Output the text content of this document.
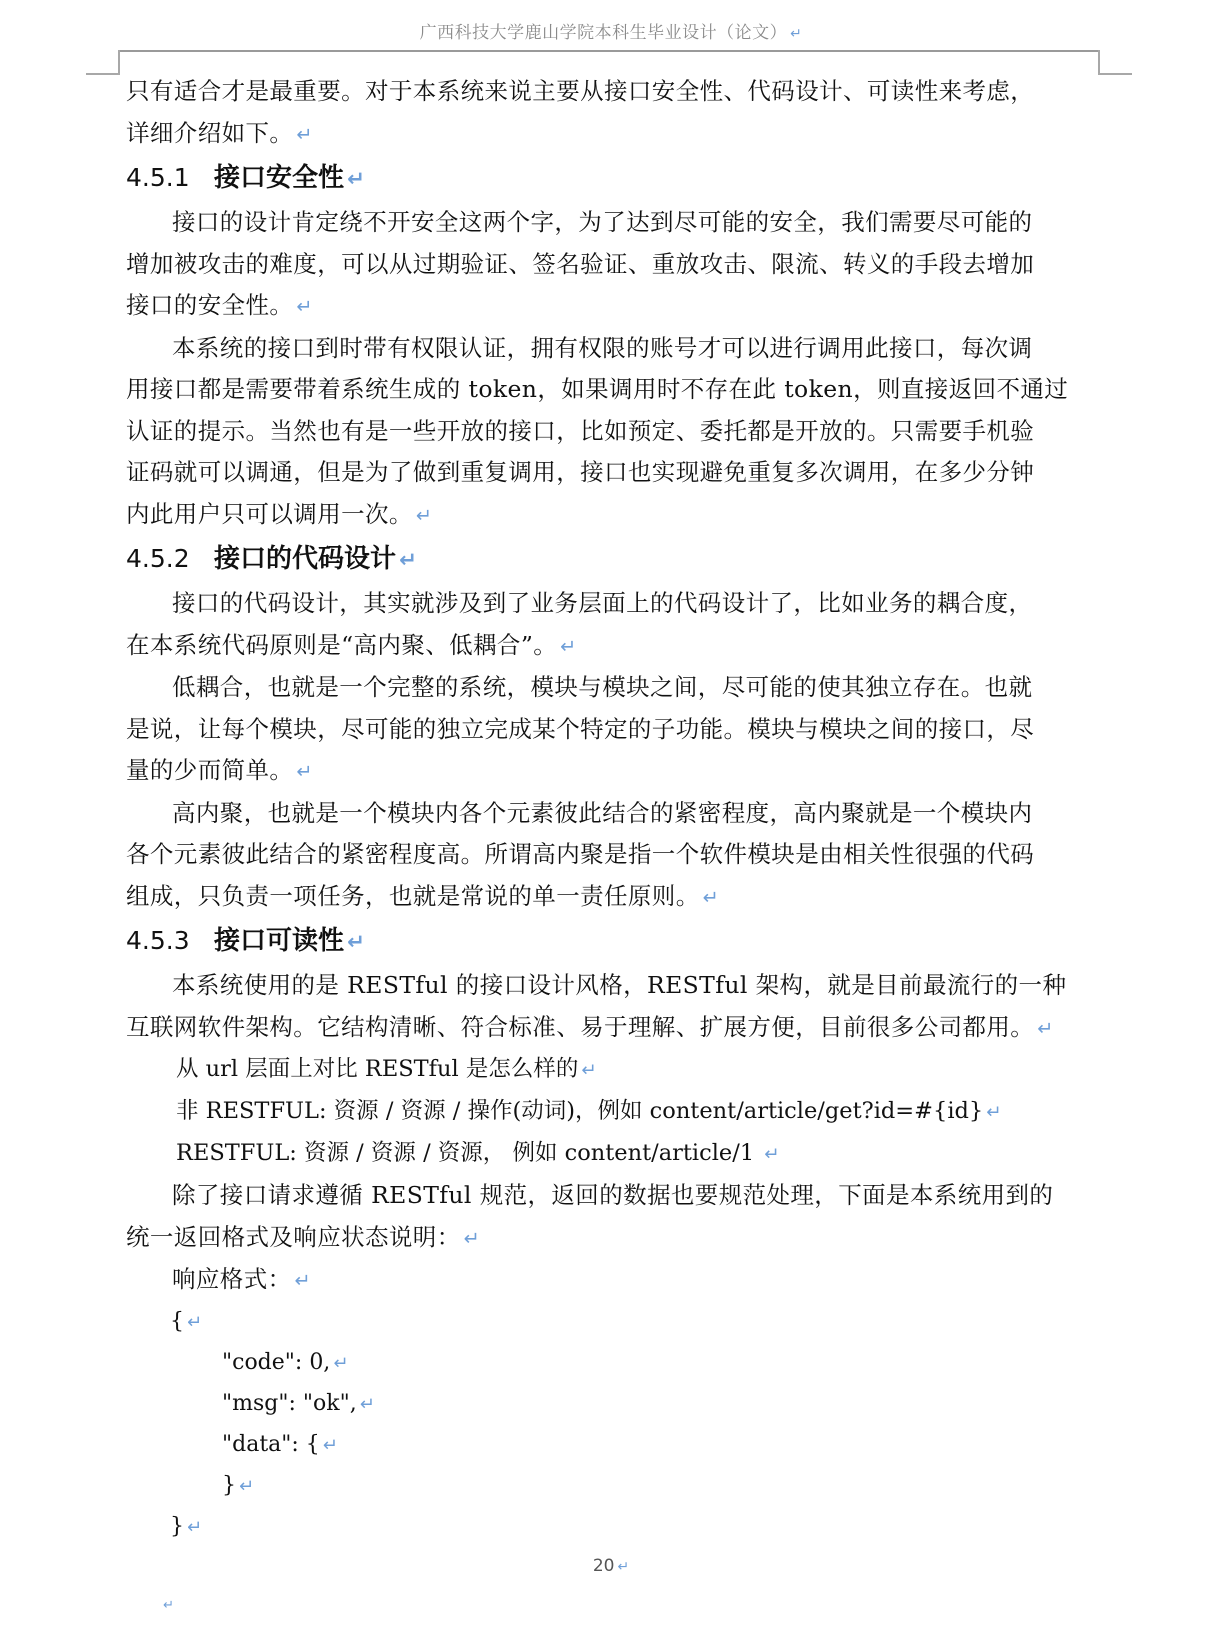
广西科技大学鹿山学院本科生毕业设计（论文） ↵

只有适合才是最重要。对于本系统来说主要从接口安全性、代码设计、可读性来考虑，
详细介绍如下。 ↵

4.5.1 接口安全性 ↵

接口的设计肯定绕不开安全这两个字，为了达到尽可能的安全，我们需要尽可能的
增加被攻击的难度，可以从过期验证、签名验证、重放攻击、限流、转义的手段去增加
接口的安全性。 ↵

本系统的接口到时带有权限认证，拥有权限的账号才可以进行调用此接口，每次调
用接口都是需要带着系统生成的 token，如果调用时不存在此 token，则直接返回不通过
认证的提示。当然也有是一些开放的接口，比如预定、委托都是开放的。只需要手机验
证码就可以调通，但是为了做到重复调用，接口也实现避免重复多次调用，在多少分钟
内此用户只可以调用一次。 ↵

4.5.2 接口的代码设计 ↵

接口的代码设计，其实就涉及到了业务层面上的代码设计了，比如业务的耦合度，
在本系统代码原则是“高内聚、低耦合”。 ↵

低耦合，也就是一个完整的系统，模块与模块之间，尽可能的使其独立存在。也就
是说，让每个模块，尽可能的独立完成某个特定的子功能。模块与模块之间的接口，尽
量的少而简单。 ↵

高内聚，也就是一个模块内各个元素彼此结合的紧密程度，高内聚就是一个模块内
各个元素彼此结合的紧密程度高。所谓高内聚是指一个软件模块是由相关性很强的代码
组成，只负责一项任务，也就是常说的单一责任原则。 ↵

4.5.3 接口可读性 ↵

本系统使用的是 RESTful 的接口设计风格，RESTful 架构，就是目前最流行的一种
互联网软件架构。它结构清晰、符合标准、易于理解、扩展方便，目前很多公司都用。 ↵

从 url 层面上对比 RESTful 是怎么样的 ↵

非 RESTFUL: 资源 / 资源 / 操作(动词)，例如 content/article/get?id=#{id} ↵

RESTFUL: 资源 / 资源 / 资源， 例如 content/article/1 ↵

除了接口请求遵循 RESTful 规范，返回的数据也要规范处理，下面是本系统用到的
统一返回格式及响应状态说明： ↵

响应格式： ↵

{ ↵

"code": 0, ↵

"msg": "ok", ↵

"data": { ↵

} ↵

} ↵

20 ↵
↵
